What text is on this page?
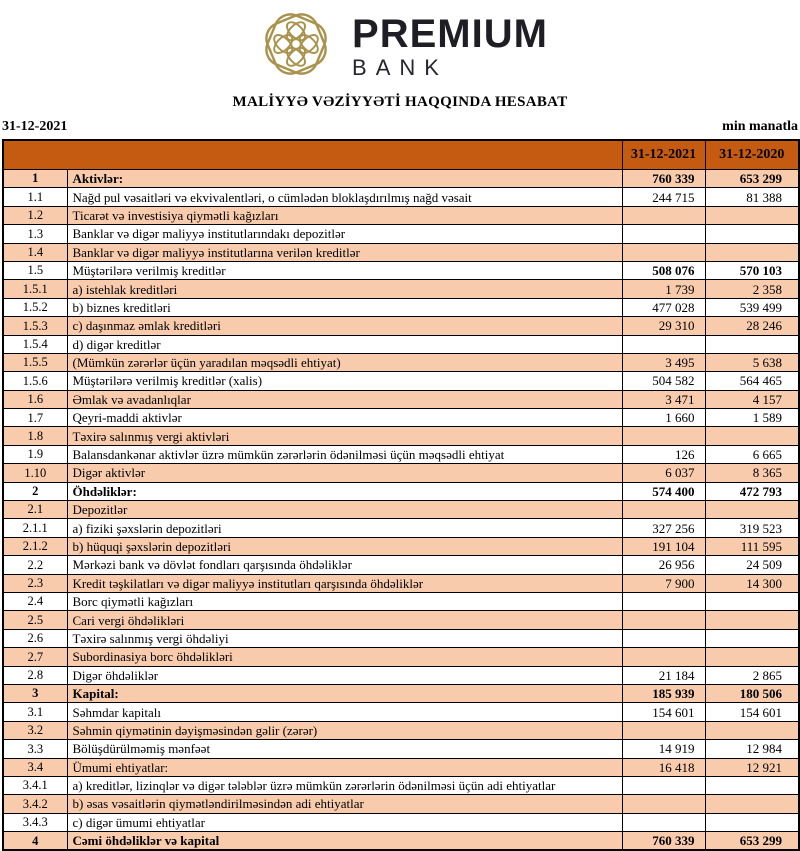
PREMIUM
BANK
MALİYYƏ VƏZİYYƏTİ HAQQINDA HESABAT
31-12-2021	min manatla
		31-12-2021	31-12-2020
1	Aktivlər:	760 339	653 299
1.1	Nağd pul vəsaitləri və ekvivalentləri, o cümlədən bloklaşdırılmış nağd vəsait	244 715	81 388
1.2	Ticarət və investisiya qiymətli kağızları		
1.3	Banklar və digər maliyyə institutlarındakı depozitlər		
1.4	Banklar və digər maliyyə institutlarına verilən kreditlər		
1.5	Müştərilərə verilmiş kreditlər	508 076	570 103
1.5.1	a) istehlak kreditləri	1 739	2 358
1.5.2	b) biznes kreditləri	477 028	539 499
1.5.3	c) daşınmaz əmlak kreditləri	29 310	28 246
1.5.4	d) digər kreditlər		
1.5.5	(Mümkün zərərlər üçün yaradılan məqsədli ehtiyat)	3 495	5 638
1.5.6	Müştərilərə verilmiş kreditlər (xalis)	504 582	564 465
1.6	Əmlak və avadanlıqlar	3 471	4 157
1.7	Qeyri-maddi aktivlər	1 660	1 589
1.8	Təxirə salınmış vergi aktivləri		
1.9	Balansdankənar aktivlər üzrə mümkün zərərlərin ödənilməsi üçün məqsədli ehtiyat	126	6 665
1.10	Digər aktivlər	6 037	8 365
2	Öhdəliklər:	574 400	472 793
2.1	Depozitlər		
2.1.1	a) fiziki şəxslərin depozitləri	327 256	319 523
2.1.2	b) hüquqi şəxslərin depozitləri	191 104	111 595
2.2	Mərkəzi bank və dövlət fondları qarşısında öhdəliklər	26 956	24 509
2.3	Kredit təşkilatları və digər maliyyə institutları qarşısında öhdəliklər	7 900	14 300
2.4	Borc qiymətli kağızları		
2.5	Cari vergi öhdəlikləri		
2.6	Təxirə salınmış vergi öhdəliyi		
2.7	Subordinasiya borc öhdəlikləri		
2.8	Digər öhdəliklər	21 184	2 865
3	Kapital:	185 939	180 506
3.1	Səhmdar kapitalı	154 601	154 601
3.2	Səhmin qiymətinin dəyişməsindən gəlir (zərər)		
3.3	Bölüşdürülməmiş mənfəət	14 919	12 984
3.4	Ümumi ehtiyatlar:	16 418	12 921
3.4.1	a) kreditlər, lizinqlər və digər tələblər üzrə mümkün zərərlərin ödənilməsi üçün adi ehtiyatlar		
3.4.2	b) əsas vəsaitlərin qiymətləndirilməsindən adi ehtiyatlar		
3.4.3	c) digər ümumi ehtiyatlar		
4	Cəmi öhdəliklər və kapital	760 339	653 299
